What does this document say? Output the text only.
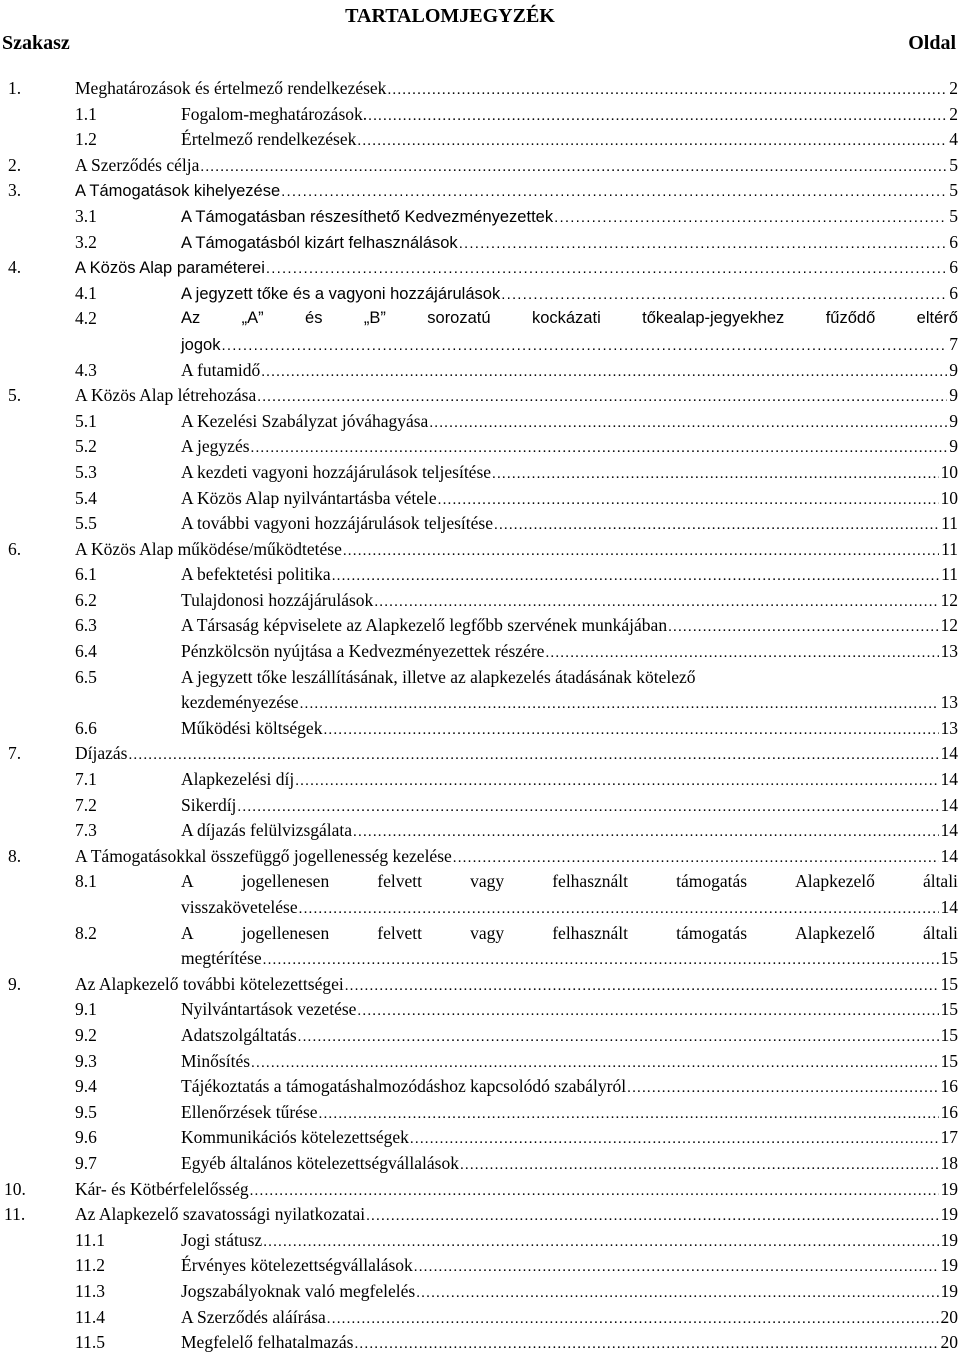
TARTALOMJEGYZÉK
Szakasz	Oldal
1.	Meghatározások és értelmező rendelkezések .....	2
1.1	Fogalom-meghatározások. .....	2
1.2	Értelmező rendelkezések .....	4
2.	A Szerződés célja .....	5
3.	A Támogatások kihelyezése .....	5
3.1	A Támogatásban részesíthető Kedvezményezettek .....	5
3.2	A Támogatásból kizárt felhasználások .....	6
4.	A Közös Alap paraméterei .....	6
4.1	A jegyzett tőke és a vagyoni hozzájárulások .....	6
4.2	Az	„A”	és	„B”	sorozatú	kockázati	tőkealap-jegyekhez	fűződő	eltérő
jogok .....	7
4.3	A futamidő .....	9
5.	A Közös Alap létrehozása .....	9
5.1	A Kezelési Szabályzat jóváhagyása .....	9
5.2	A jegyzés .....	9
5.3	A kezdeti vagyoni hozzájárulások teljesítése .....	10
5.4	A Közös Alap nyilvántartásba vétele .....	10
5.5	A további vagyoni hozzájárulások teljesítése .....	11
6.	A Közös Alap működése/működtetése .....	11
6.1	A befektetési politika .....	11
6.2	Tulajdonosi hozzájárulások .....	12
6.3	A Társaság képviselete az Alapkezelő legfőbb szervének munkájában .....	12
6.4	Pénzkölcsön nyújtása a Kedvezményezettek részére .....	13
6.5	A jegyzett tőke leszállításának, illetve az alapkezelés átadásának kötelező
kezdeményezése .....	13
6.6	Működési költségek .....	13
7.	Díjazás .....	14
7.1	Alapkezelési díj .....	14
7.2	Sikerdíj .....	14
7.3	A díjazás felülvizsgálata .....	14
8.	A Támogatásokkal összefüggő jogellenesség kezelése .....	14
8.1	A	jogellenesen	felvett	vagy	felhasznált	támogatás	Alapkezelő	általi
visszakövetelése .....	14
8.2	A	jogellenesen	felvett	vagy	felhasznált	támogatás	Alapkezelő	általi
megtérítése .....	15
9.	Az Alapkezelő további kötelezettségei .....	15
9.1	Nyilvántartások vezetése .....	15
9.2	Adatszolgáltatás .....	15
9.3	Minősítés .....	15
9.4	Tájékoztatás a támogatáshalmozódáshoz kapcsolódó szabályról .....	16
9.5	Ellenőrzések tűrése .....	16
9.6	Kommunikációs kötelezettségek .....	17
9.7	Egyéb általános kötelezettségvállalások .....	18
10.	Kár- és Kötbérfelelősség .....	19
11.	Az Alapkezelő szavatossági nyilatkozatai .....	19
11.1	Jogi státusz .....	19
11.2	Érvényes kötelezettségvállalások .....	19
11.3	Jogszabályoknak való megfelelés .....	19
11.4	A Szerződés aláírása .....	20
11.5	Megfelelő felhatalmazás .....	20
